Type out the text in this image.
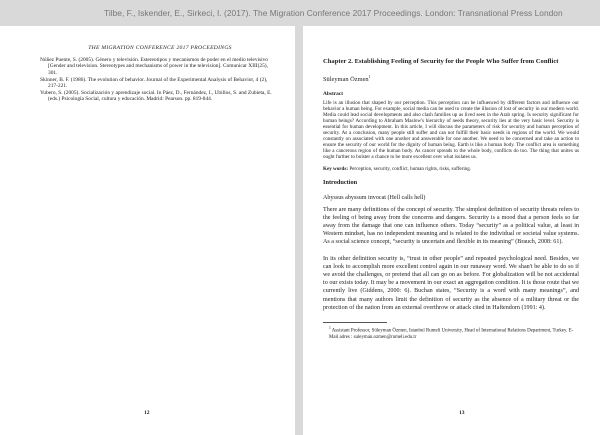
Tilbe, F., Iskender, E., Sirkeci, I. (2017). The Migration Conference 2017 Proceedings. London: Transnational Press London
THE MIGRATION CONFERENCE 2017 PROCEEDINGS
Núñez Puente, S. (2005). Género y televisión. Estereotipos y mecanismos de poder en el medio televisivo [Gender and television. Stereotypes and mechanisms of power in the television]. Comunicar XIII(25), 301.
Skinner, B. F. (1986). The evolution of behavior. Journal of the Experimental Analysis of Behavior, 4 (2), 217-221.
Yubero, S. (2005). Socialización y aprendizaje social. In Páez, D., Fernández, I., Ubillos, S. and Zubieta, E.(eds.) Psicología Social, cultura y educación. Madrid: Pearson. pp. 819-844.
12

Chapter 2. Establishing Feeling of Security for the People Who Suffer from Conflict

Süleyman Özmen$^1$
Abstract
Life is an illusion that shaped by our perception. This perception can be influenced by different factors and influence our behavior a human being. For example, social media can be used to create the illusion of lost of security in our modern world. Media could lead social developments and also clash families up as lived seen in the Arab spring. Is security significant for human beings? According to Abraham Maslow's hierarchy of needs theory, security lies at the very basic level. Security is essential for human development. In this article, I will discuss the parameters of risk for security and human perception of security. As a conclusion, many people still suffer and can not fulfill their basic needs in regions of the world. We would constantly on associated with one another and answerable for one another. We need to be concerned and take an action to ensure the security of our world for the dignity of human being. Earth is like a human body. The conflict area is something like a cancerous region of the human body. As cancer spreads to the whole body, conflicts do too. The thing that unites us ought further to bolster a chance to be more excellent over what isolates us.
Key words: Perception, security, conflict, human rights, risks, suffering.
Introduction
Abyssus abyssum invocat (Hell calls hell)
There are many definitions of the concept of security. The simplest definition of security threats refers to the feeling of being away from the concerns and dangers. Security is a mood that a person feels so far away from the damage that one can influence others. Today “security” as a political value, at least in Western mindset, has no independent meaning and is related to the individual or societal value systems. As a social science concept, “security is uncertain and flexible in its meaning” (Brauch, 2008: 61).
In its other definition security is, “trust in other people” and repeated psychological need. Besides, we can look to accomplish more excellent control again in our runaway word. We shan't be able to do so if we avoid the challenges, or pretend that all can go on as before. For globalization will be not accidental to our exists today. It may be a movement in our exact an aggregation condition. It is those route that we currently live (Giddens, 2000: 6). Buchan states, “Security is a word with many meanings”, and mentions that many authors limit the definition of security as the absence of a military threat or the protection of the nation from an external overthrow or attack cited in Haftendorn (1991: 4).
$^1$ Assistant Professor, Süleyman Özmen, Istanbul Rumeli University, Head of International Relations Department, Turkey. E-Mail adres : suleyman.ozmen@rumeli.edu.tr
13
